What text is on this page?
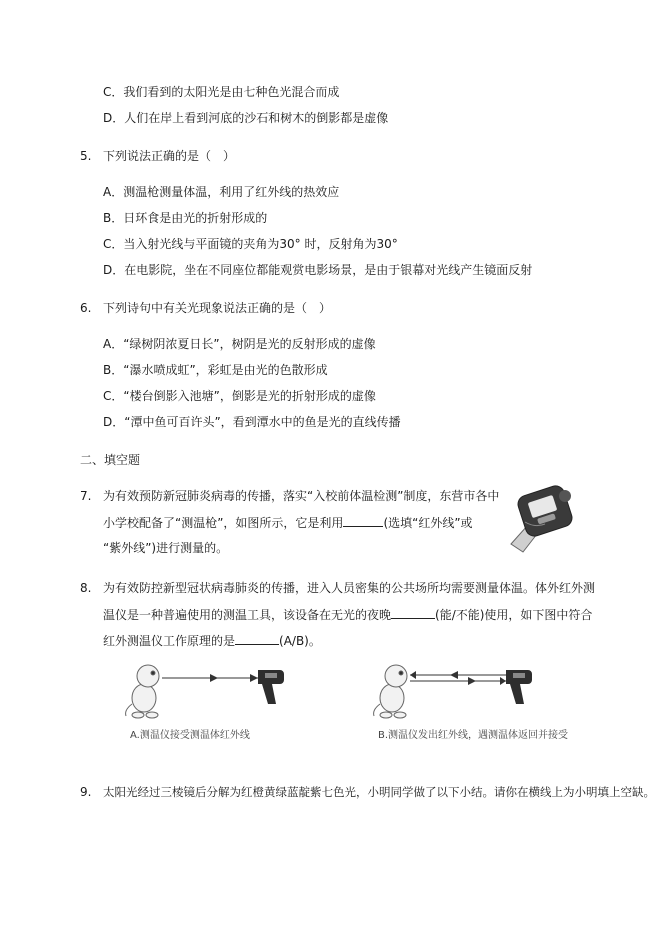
C．我们看到的太阳光是由七种色光混合而成
D．人们在岸上看到河底的沙石和树木的倒影都是虚像
5. 下列说法正确的是（　）
A．测温枪测量体温，利用了红外线的热效应
B．日环食是由光的折射形成的
C．当入射光线与平面镜的夹角为30° 时，反射角为30°
D．在电影院，坐在不同座位都能观赏电影场景，是由于银幕对光线产生镜面反射
6. 下列诗句中有关光现象说法正确的是（　）
A．“绿树阴浓夏日长”，树阴是光的反射形成的虚像
B．“瀑水喷成虹”，彩虹是由光的色散形成
C．“楼台倒影入池塘”，倒影是光的折射形成的虚像
D．“潭中鱼可百许头”，看到潭水中的鱼是光的直线传播
二、填空题
7. 为有效预防新冠肺炎病毒的传播，落实“入校前体温检测”制度，东营市各中
小学校配备了“测温枪”，如图所示，它是利用	(选填“红外线”或
“紫外线”)进行测量的。
8. 为有效防控新型冠状病毒肺炎的传播，进入人员密集的公共场所均需要测量体温。体外红外测
温仪是一种普遍使用的测温工具，该设备在无光的夜晚	(能/不能)使用，如下图中符合
红外测温仪工作原理的是	(A/B)。
A.测温仪接受测温体红外线	B.测温仪发出红外线，遇测温体返回并接受
9. 太阳光经过三棱镜后分解为红橙黄绿蓝靛紫七色光，小明同学做了以下小结。请你在横线上为小明填上空缺。
